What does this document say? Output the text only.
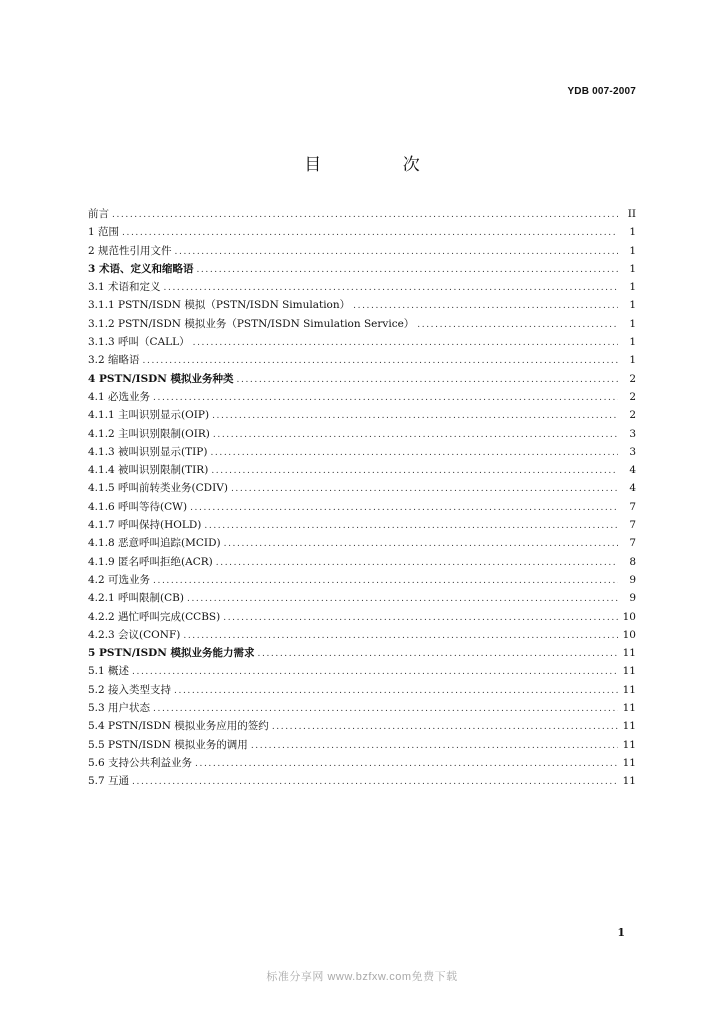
YDB 007-2007
目 次
前言 .....	II
1 范围 .....	1
2 规范性引用文件 .....	1
3 术语、定义和缩略语 .....	1
3.1 术语和定义 .....	1
3.1.1 PSTN/ISDN 模拟（PSTN/ISDN Simulation） .....	1
3.1.2 PSTN/ISDN 模拟业务（PSTN/ISDN Simulation Service） .....	1
3.1.3 呼叫（CALL） .....	1
3.2 缩略语 .....	1
4 PSTN/ISDN 模拟业务种类 .....	2
4.1 必选业务 .....	2
4.1.1 主叫识别显示(OIP) .....	2
4.1.2 主叫识别限制(OIR) .....	3
4.1.3 被叫识别显示(TIP) .....	3
4.1.4 被叫识别限制(TIR) .....	4
4.1.5 呼叫前转类业务(CDIV) .....	4
4.1.6 呼叫等待(CW) .....	7
4.1.7 呼叫保持(HOLD) .....	7
4.1.8 恶意呼叫追踪(MCID) .....	7
4.1.9 匿名呼叫拒绝(ACR) .....	8
4.2 可选业务 .....	9
4.2.1 呼叫限制(CB) .....	9
4.2.2 遇忙呼叫完成(CCBS) .....	10
4.2.3 会议(CONF) .....	10
5 PSTN/ISDN 模拟业务能力需求 .....	11
5.1 概述 .....	11
5.2 接入类型支持 .....	11
5.3 用户状态 .....	11
5.4 PSTN/ISDN 模拟业务应用的签约 .....	11
5.5 PSTN/ISDN 模拟业务的调用 .....	11
5.6 支持公共利益业务 .....	11
5.7 互通 .....	11
1
标准分享网 www.bzfxw.com免费下载
